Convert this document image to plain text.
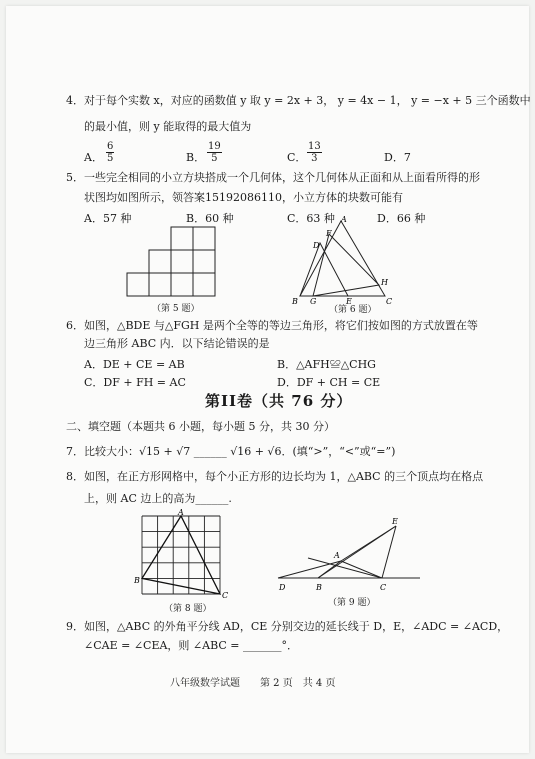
4．对于每个实数 x，对应的函数值 y 取 y = 2x + 3， y = 4x − 1， y = −x + 5 三个函数中
的最小值，则 y 能取得的最大值为
A． $\frac{6}{5}$	B． $\frac{19}{5}$	C． $\frac{13}{3}$	D．7
5．一些完全相同的小立方块搭成一个几何体，这个几何体从正面和从上面看所得的形
状图均如图所示，领答案15192086110，小立方体的块数可能有
A．57 种	B．60 种	C．63 种	D．66 种
（第 5 题）
A
F
D
H
B G	E	C
（第 6 题）
6．如图，△BDE 与△FGH 是两个全等的等边三角形，将它们按如图的方式放置在等
边三角形 ABC 内．以下结论错误的是
A．DE + CE = AB	B．△AFH≌△CHG
C．DF + FH = AC	D．DF + CH = CE
第II卷（共 76 分）
二、填空题（本题共 6 小题，每小题 5 分，共 30 分）
7．比较大小：√15 + √7 ______ √16 + √6．(填“>”，“<”或“=”)
8．如图，在正方形网格中，每个小正方形的边长均为 1，△ABC 的三个顶点均在格点
上，则 AC 边上的高为______.
A
B
C
（第 8 题）
E
A
D	B	C
（第 9 题）
9．如图，△ABC 的外角平分线 AD，CE 分别交边的延长线于 D，E，∠ADC = ∠ACD，
∠CAE = ∠CEA，则 ∠ABC = _______°．
八年级数学试题　　第 2 页　共 4 页
